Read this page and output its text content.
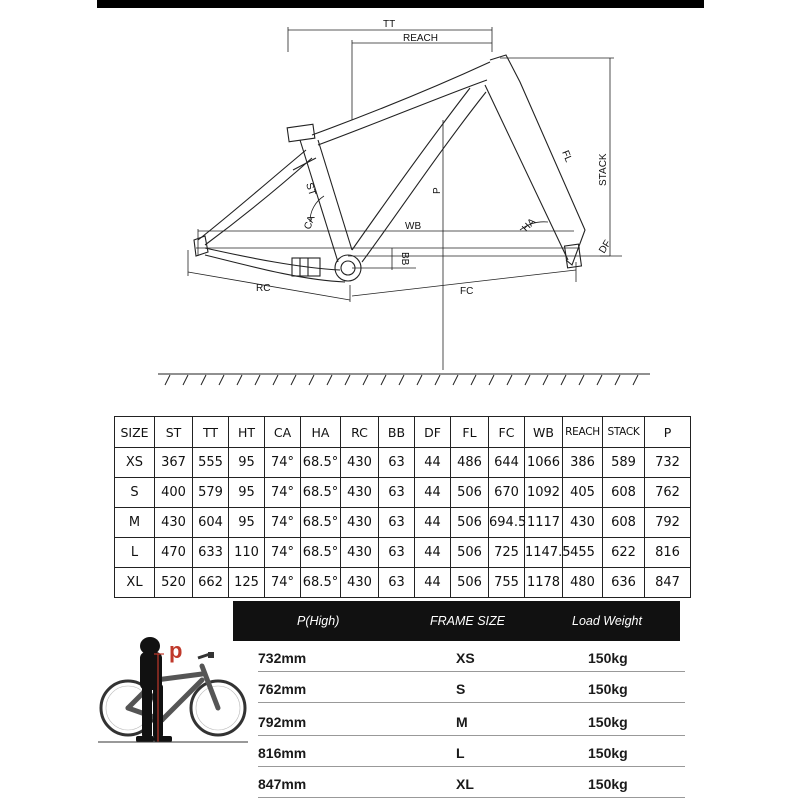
TT
REACH
STACK
FL
ST
CA	HA
WB
P
BB
DF
RC	FC
SIZE	ST	TT	HT	CA	HA	RC	BB	DF	FL	FC	WB	REACH	STACK	P
XS	367	555	95	74°	68.5°	430	63	44	486	644	1066	386	589	732
S	400	579	95	74°	68.5°	430	63	44	506	670	1092	405	608	762
M	430	604	95	74°	68.5°	430	63	44	506	694.5	1117	430	608	792
L	470	633	110	74°	68.5°	430	63	44	506	725	1147.5	455	622	816
XL	520	662	125	74°	68.5°	430	63	44	506	755	1178	480	636	847
P(High)	FRAME SIZE	Load Weight
732mm	XS	150kg
762mm	S	150kg
792mm	M	150kg
816mm	L	150kg
847mm	XL	150kg
p
